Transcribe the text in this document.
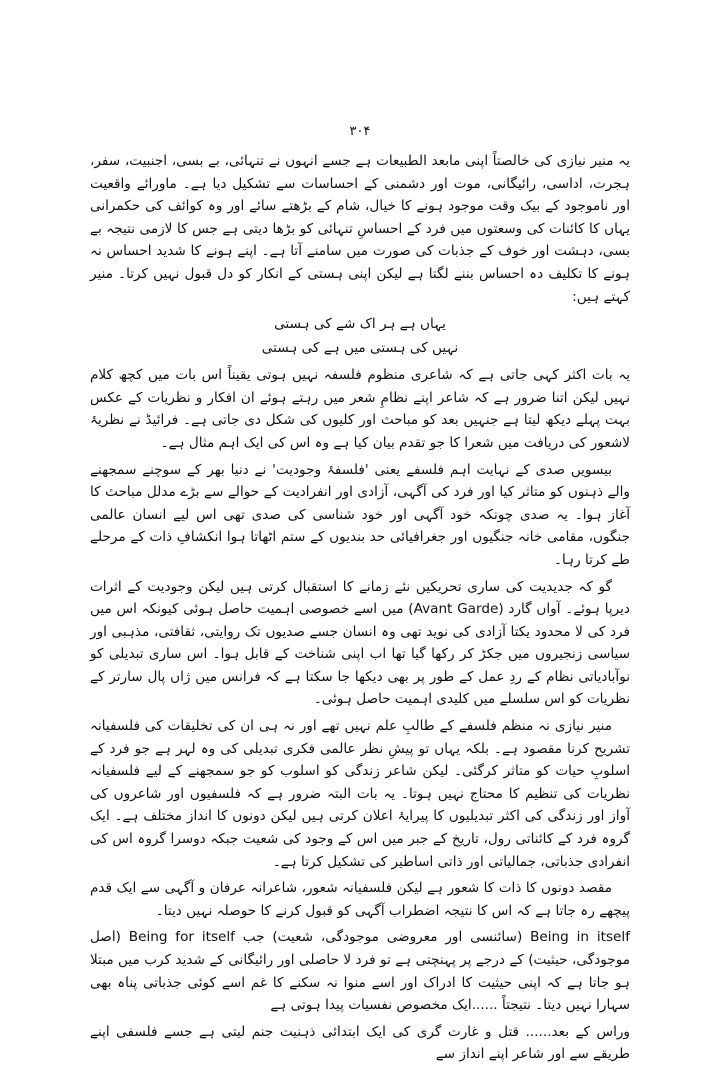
۳۰۴

یہ منیر نیازی کی خالصتاً اپنی مابعد الطبیعات ہے جسے انہوں نے تنہائی، بے بسی، اجنبیت، سفر، ہجرت، اداسی، رائیگانی، موت اور دشمنی کے احساسات سے تشکیل دیا ہے۔ ماورائے واقعیت اور ناموجود کے بیک وقت موجود ہونے کا خیال، شام کے بڑھتے سائے اور وہ کوائف کی حکمرانی یہاں کا کائنات کی وسعتوں میں فرد کے احساسِ تنہائی کو بڑھا دیتی ہے جس کا لازمی نتیجہ بے بسی، دہشت اور خوف کے جذبات کی صورت میں سامنے آتا ہے۔ اپنے ہونے کا شدید احساس نہ ہونے کا تکلیف دہ احساس بننے لگتا ہے لیکن اپنی ہستی کے انکار کو دل قبول نہیں کرتا۔ منیر کہتے ہیں:

یہاں ہے ہر اک شے کی ہستی

نہیں کی ہستی میں ہے کی ہستی

یہ بات اکثر کہی جاتی ہے کہ شاعری منظوم فلسفہ نہیں ہوتی یقیناً اس بات میں کچھ کلام نہیں لیکن اتنا ضرور ہے کہ شاعر اپنے نظامِ شعر میں رہتے ہوئے ان افکار و نظریات کے عکس بہت پہلے دیکھ لیتا ہے جنہیں بعد کو مباحث اور کلیوں کی شکل دی جاتی ہے۔ فرائیڈ نے نظریۂ لاشعور کی دریافت میں شعرا کا جو تقدم بیان کیا ہے وہ اس کی ایک اہم مثال ہے۔

بیسویں صدی کے نہایت اہم فلسفے یعنی 'فلسفۂ وجودیت' نے دنیا بھر کے سوچنے سمجھنے والے ذہنوں کو متاثر کیا اور فرد کی آگہی، آزادی اور انفرادیت کے حوالے سے بڑے مدلل مباحث کا آغاز ہوا۔ یہ صدی چونکہ خود آگہی اور خود شناسی کی صدی تھی اس لیے انسان عالمی جنگوں، مقامی خانہ جنگیوں اور جغرافیائی حد بندیوں کے ستم اٹھاتا ہوا انکشافِ ذات کے مرحلے طے کرتا رہا۔

گو کہ جدیدیت کی ساری تحریکیں نئے زمانے کا استقبال کرتی ہیں لیکن وجودیت کے اثرات دیرپا ہوئے۔ آواں گارد (Avant Garde) میں اسے خصوصی اہمیت حاصل ہوئی کیونکہ اس میں فرد کی لا محدود یکتا آزادی کی نوید تھی وہ انسان جسے صدیوں تک روایتی، ثقافتی، مذہبی اور سیاسی زنجیروں میں جکڑ کر رکھا گیا تھا اب اپنی شناخت کے قابل ہوا۔ اس ساری تبدیلی کو نوآبادیاتی نظام کے ردِ عمل کے طور پر بھی دیکھا جا سکتا ہے کہ فرانس میں ژاں پال سارتر کے نظریات کو اس سلسلے میں کلیدی اہمیت حاصل ہوئی۔

منیر نیازی نہ منظم فلسفے کے طالبِ علم نہیں تھے اور نہ ہی ان کی تخلیقات کی فلسفیانہ تشریح کرنا مقصود ہے۔ بلکہ یہاں تو پیشِ نظر عالمی فکری تبدیلی کی وہ لہر ہے جو فرد کے اسلوبِ حیات کو متاثر کرگئی۔ لیکن شاعر زندگی کو اسلوب کو جو سمجھنے کے لیے فلسفیانہ نظریات کی تنظیم کا محتاج نہیں ہوتا۔ یہ بات البتہ ضرور ہے کہ فلسفیوں اور شاعروں کی آواز اور زندگی کی اکثر تبدیلیوں کا پیرایۂ اعلان کرتی ہیں لیکن دونوں کا انداز مختلف ہے۔ ایک گروہ فرد کے کائناتی رول، تاریخ کے جبر میں اس کے وجود کی شعیت جبکہ دوسرا گروہ اس کی انفرادی جذباتی، جمالیاتی اور ذاتی اساطیر کی تشکیل کرتا ہے۔

مقصد دونوں کا ذات کا شعور ہے لیکن فلسفیانہ شعور، شاعرانہ عرفان و آگہی سے ایک قدم پیچھے رہ جاتا ہے کہ اس کا نتیجہ اضطراب آگہی کو قبول کرنے کا حوصلہ نہیں دیتا۔

Being in itself (سائنسی اور معروضی موجودگی، شعیت) جب Being for itself (اصل موجودگی، حیثیت) کے درجے پر پہنچتی ہے تو فرد لا حاصلی اور رائیگانی کے شدید کرب میں مبتلا ہو جاتا ہے کہ اپنی حیثیت کا ادراک اور اسے منوا نہ سکنے کا غم اسے کوئی جذباتی پناہ بھی سہارا نہیں دیتا۔ نتیجتاً ......ایک مخصوص نفسیات پیدا ہوتی ہے

وراس کے بعد...... قتل و غارت گری کی ایک ابتدائی ذہنیت جنم لیتی ہے جسے فلسفی اپنے طریقے سے اور شاعر اپنے انداز سے
